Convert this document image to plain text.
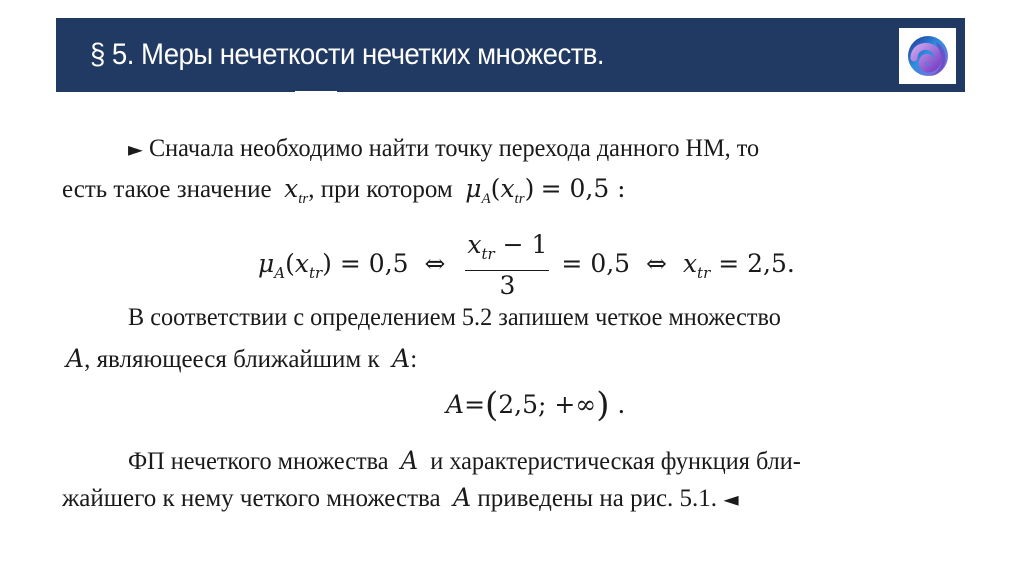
§ 5. Меры нечеткости нечетких множеств.
► Сначала необходимо найти точку перехода данного НМ, то
есть такое значение $x_{tr}$, при котором $\mu_A(x_{tr}) = 0,5$ :
$\mu_A(x_{tr}) = 0,5$ ⇔ $\frac{x_{tr} - 1}{3} = 0,5$ ⇔ $x_{tr} = 2,5$.
В соответствии с определением 5.2 запишем четкое множество
A, являющееся ближайшим к A:
A=(2,5; +∞) .
ФП нечеткого множества A и характеристическая функция бли-
жайшего к нему четкого множества A приведены на рис. 5.1. ◄
